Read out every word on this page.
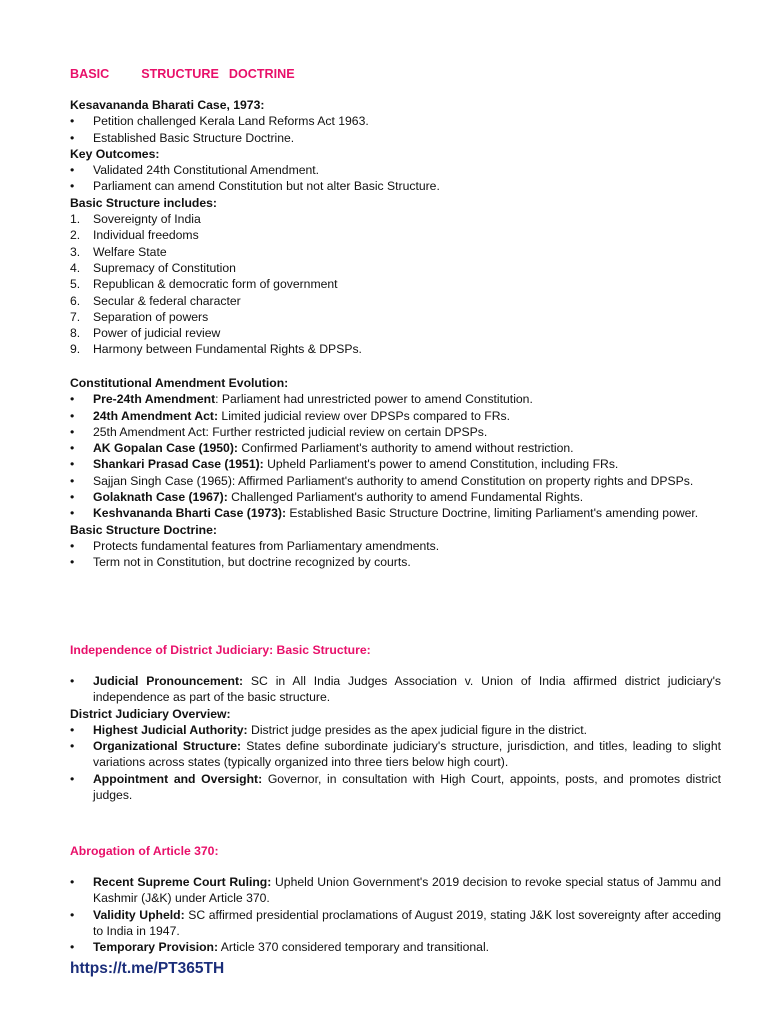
BASIC	STRUCTURE DOCTRINE
Kesavananda Bharati Case, 1973:
• Petition challenged Kerala Land Reforms Act 1963.
• Established Basic Structure Doctrine.
Key Outcomes:
• Validated 24th Constitutional Amendment.
• Parliament can amend Constitution but not alter Basic Structure.
Basic Structure includes:
1. Sovereignty of India
2. Individual freedoms
3. Welfare State
4. Supremacy of Constitution
5. Republican & democratic form of government
6. Secular & federal character
7. Separation of powers
8. Power of judicial review
9. Harmony between Fundamental Rights & DPSPs.
Constitutional Amendment Evolution:
• Pre-24th Amendment: Parliament had unrestricted power to amend Constitution.
• 24th Amendment Act: Limited judicial review over DPSPs compared to FRs.
• 25th Amendment Act: Further restricted judicial review on certain DPSPs.
• AK Gopalan Case (1950): Confirmed Parliament's authority to amend without restriction.
• Shankari Prasad Case (1951): Upheld Parliament's power to amend Constitution, including FRs.
• Sajjan Singh Case (1965): Affirmed Parliament's authority to amend Constitution on property rights and DPSPs.
• Golaknath Case (1967): Challenged Parliament's authority to amend Fundamental Rights.
• Keshvananda Bharti Case (1973): Established Basic Structure Doctrine, limiting Parliament's amending power.
Basic Structure Doctrine:
• Protects fundamental features from Parliamentary amendments.
• Term not in Constitution, but doctrine recognized by courts.
Independence of District Judiciary: Basic Structure:
• Judicial Pronouncement: SC in All India Judges Association v. Union of India affirmed district judiciary's independence as part of the basic structure.
District Judiciary Overview:
• Highest Judicial Authority: District judge presides as the apex judicial figure in the district.
• Organizational Structure: States define subordinate judiciary's structure, jurisdiction, and titles, leading to slight variations across states (typically organized into three tiers below high court).
• Appointment and Oversight: Governor, in consultation with High Court, appoints, posts, and promotes district judges.
Abrogation of Article 370:
• Recent Supreme Court Ruling: Upheld Union Government's 2019 decision to revoke special status of Jammu and Kashmir (J&K) under Article 370.
• Validity Upheld: SC affirmed presidential proclamations of August 2019, stating J&K lost sovereignty after acceding to India in 1947.
• Temporary Provision: Article 370 considered temporary and transitional.
https://t.me/PT365TH
